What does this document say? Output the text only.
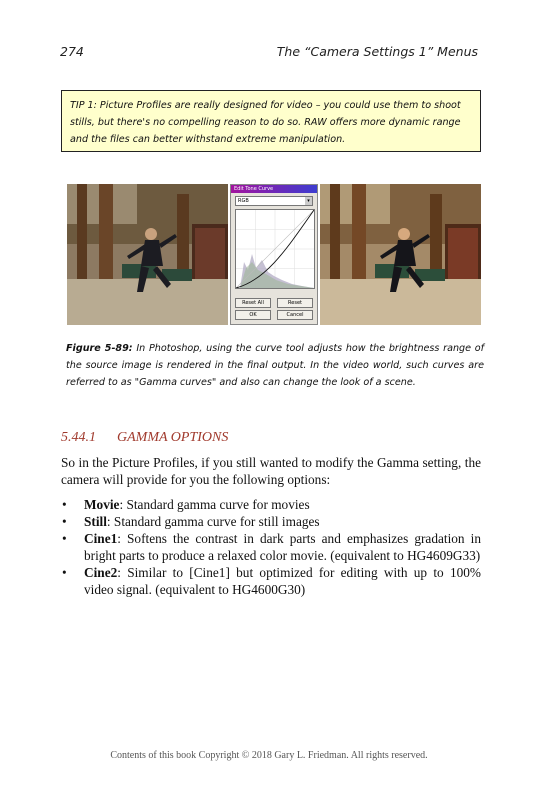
274	The “Camera Settings 1” Menus
TIP 1: Picture Profiles are really designed for video – you could use them to shoot stills, but there's no compelling reason to do so. RAW offers more dynamic range and the files can better withstand extreme manipulation.
Edit Tone Curve
RGB	▾
Reset All	Reset
OK	Cancel
Figure 5-89: In Photoshop, using the curve tool adjusts how the brightness range of the source image is rendered in the final output. In the video world, such curves are referred to as "Gamma curves" and also can change the look of a scene.
5.44.1 GAMMA OPTIONS
So in the Picture Profiles, if you still wanted to modify the Gamma setting, the camera will provide for you the following options:
• Movie: Standard gamma curve for movies
• Still: Standard gamma curve for still images
• Cine1: Softens the contrast in dark parts and emphasizes gradation in bright parts to produce a relaxed color movie. (equivalent to HG4609G33)
• Cine2: Similar to [Cine1] but optimized for editing with up to 100% video signal. (equivalent to HG4600G30)
Contents of this book Copyright © 2018 Gary L. Friedman. All rights reserved.
